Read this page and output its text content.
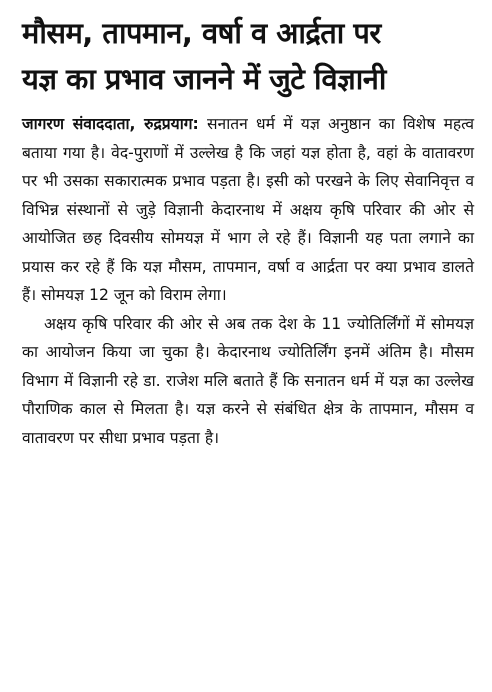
मौसम, तापमान, वर्षा व आर्द्रता पर
यज्ञ का प्रभाव जानने में जुटे विज्ञानी

जागरण संवाददाता, रुद्रप्रयाग: सनातन धर्म में यज्ञ अनुष्ठान का विशेष महत्व बताया गया है। वेद-पुराणों में उल्लेख है कि जहां यज्ञ होता है, वहां के वातावरण पर भी उसका सकारात्मक प्रभाव पड़ता है। इसी को परखने के लिए सेवानिवृत्त व विभिन्न संस्थानों से जुड़े विज्ञानी केदारनाथ में अक्षय कृषि परिवार की ओर से आयोजित छह दिवसीय सोमयज्ञ में भाग ले रहे हैं। विज्ञानी यह पता लगाने का प्रयास कर रहे हैं कि यज्ञ मौसम, तापमान, वर्षा व आर्द्रता पर क्या प्रभाव डालते हैं। सोमयज्ञ 12 जून को विराम लेगा।

अक्षय कृषि परिवार की ओर से अब तक देश के 11 ज्योतिर्लिंगों में सोमयज्ञ का आयोजन किया जा चुका है। केदारनाथ ज्योतिर्लिंग इनमें अंतिम है। मौसम विभाग में विज्ञानी रहे डा. राजेश मलि बताते हैं कि सनातन धर्म में यज्ञ का उल्लेख पौराणिक काल से मिलता है। यज्ञ करने से संबंधित क्षेत्र के तापमान, मौसम व वातावरण पर सीधा प्रभाव पड़ता है।
